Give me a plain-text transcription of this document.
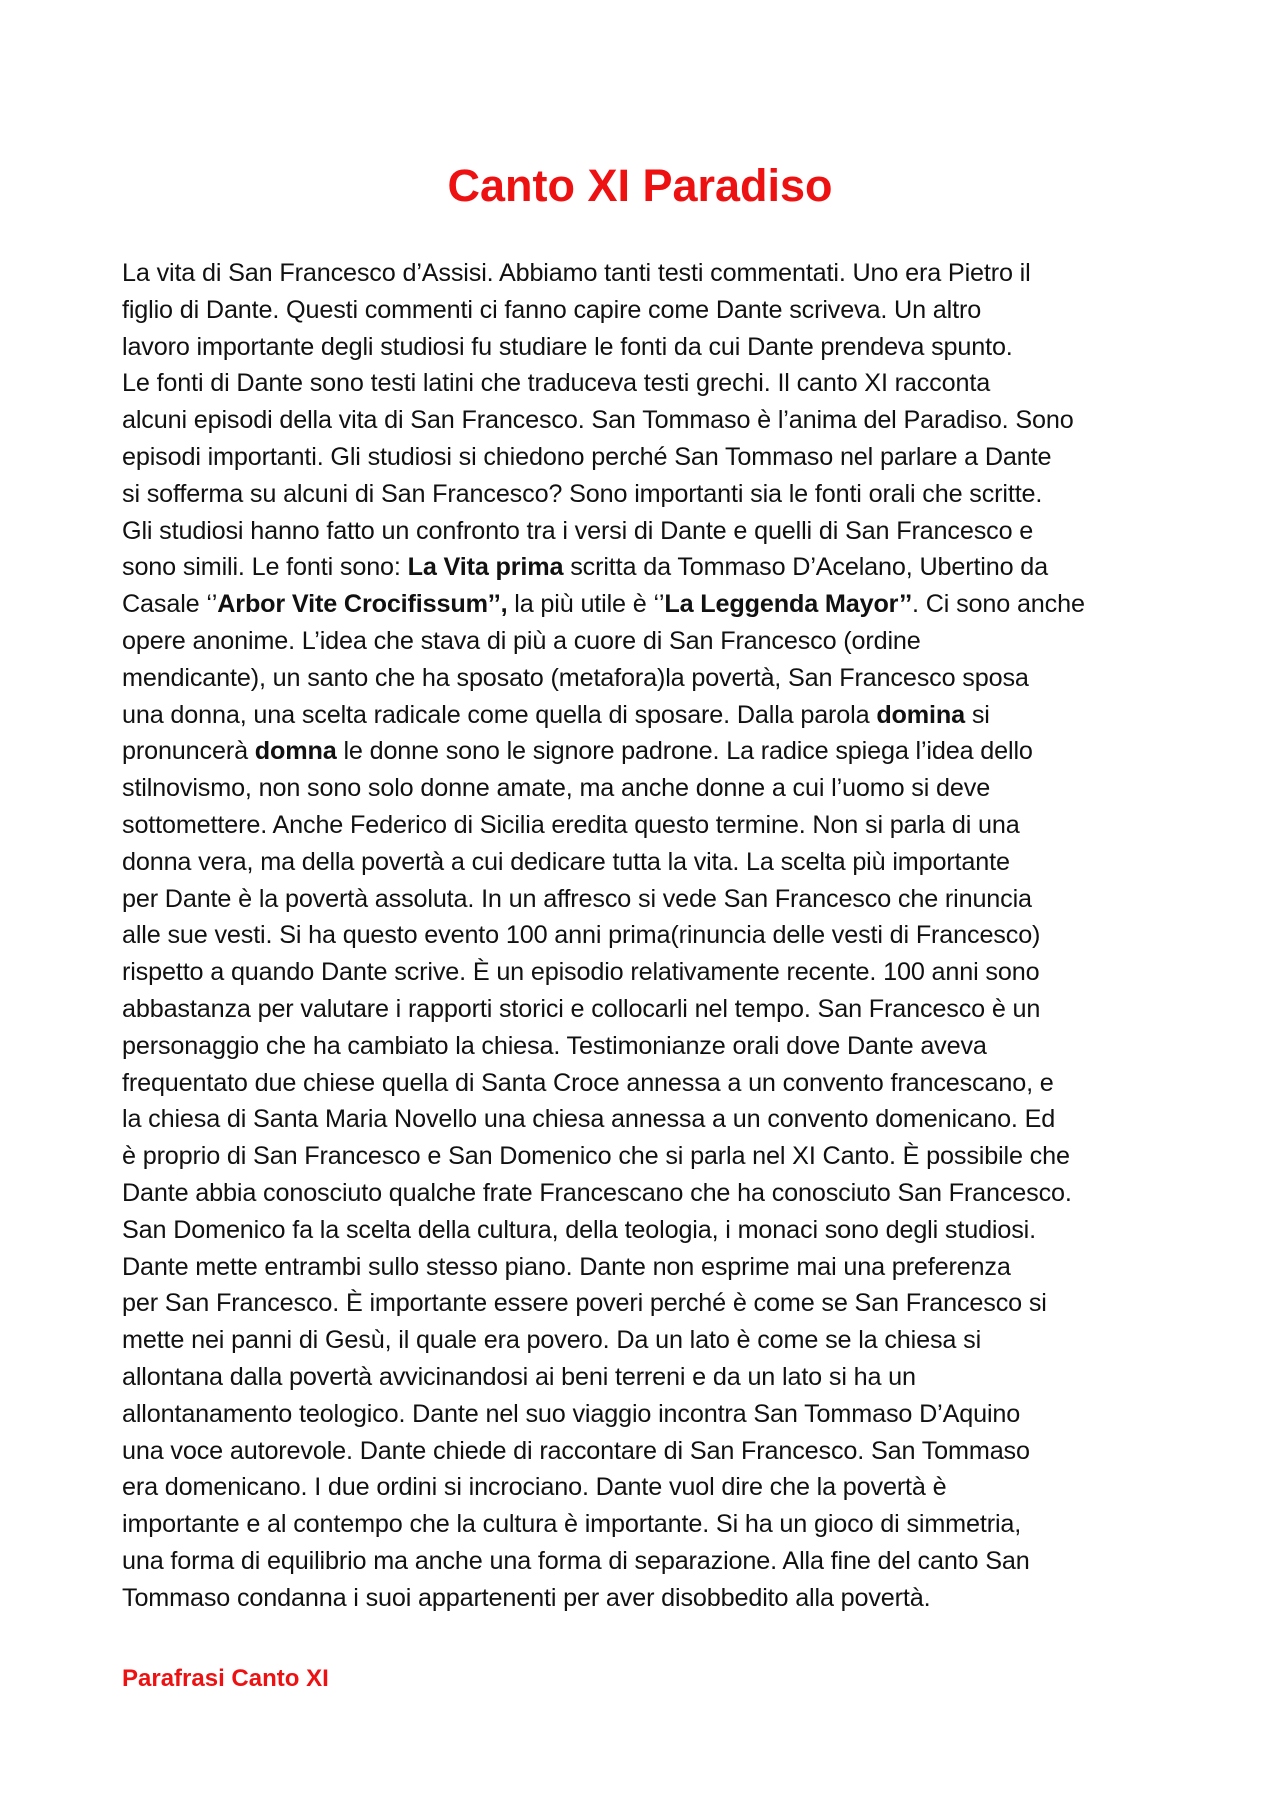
Canto XI Paradiso
La vita di San Francesco d’Assisi. Abbiamo tanti testi commentati. Uno era Pietro il
figlio di Dante. Questi commenti ci fanno capire come Dante scriveva. Un altro
lavoro importante degli studiosi fu studiare le fonti da cui Dante prendeva spunto.
Le fonti di Dante sono testi latini che traduceva testi grechi. Il canto XI racconta
alcuni episodi della vita di San Francesco. San Tommaso è l’anima del Paradiso. Sono
episodi importanti. Gli studiosi si chiedono perché San Tommaso nel parlare a Dante
si sofferma su alcuni di San Francesco? Sono importanti sia le fonti orali che scritte.
Gli studiosi hanno fatto un confronto tra i versi di Dante e quelli di San Francesco e
sono simili. Le fonti sono: La Vita prima scritta da Tommaso D’Acelano, Ubertino da
Casale ‘’Arbor Vite Crocifissum’’, la più utile è ‘’La Leggenda Mayor’’. Ci sono anche
opere anonime. L’idea che stava di più a cuore di San Francesco (ordine
mendicante), un santo che ha sposato (metafora)la povertà, San Francesco sposa
una donna, una scelta radicale come quella di sposare. Dalla parola domina si
pronuncerà domna le donne sono le signore padrone. La radice spiega l’idea dello
stilnovismo, non sono solo donne amate, ma anche donne a cui l’uomo si deve
sottomettere. Anche Federico di Sicilia eredita questo termine. Non si parla di una
donna vera, ma della povertà a cui dedicare tutta la vita. La scelta più importante
per Dante è la povertà assoluta. In un affresco si vede San Francesco che rinuncia
alle sue vesti. Si ha questo evento 100 anni prima(rinuncia delle vesti di Francesco)
rispetto a quando Dante scrive. È un episodio relativamente recente. 100 anni sono
abbastanza per valutare i rapporti storici e collocarli nel tempo. San Francesco è un
personaggio che ha cambiato la chiesa. Testimonianze orali dove Dante aveva
frequentato due chiese quella di Santa Croce annessa a un convento francescano, e
la chiesa di Santa Maria Novello una chiesa annessa a un convento domenicano. Ed
è proprio di San Francesco e San Domenico che si parla nel XI Canto. È possibile che
Dante abbia conosciuto qualche frate Francescano che ha conosciuto San Francesco.
San Domenico fa la scelta della cultura, della teologia, i monaci sono degli studiosi.
Dante mette entrambi sullo stesso piano. Dante non esprime mai una preferenza
per San Francesco. È importante essere poveri perché è come se San Francesco si
mette nei panni di Gesù, il quale era povero. Da un lato è come se la chiesa si
allontana dalla povertà avvicinandosi ai beni terreni e da un lato si ha un
allontanamento teologico. Dante nel suo viaggio incontra San Tommaso D’Aquino
una voce autorevole. Dante chiede di raccontare di San Francesco. San Tommaso
era domenicano. I due ordini si incrociano. Dante vuol dire che la povertà è
importante e al contempo che la cultura è importante. Si ha un gioco di simmetria,
una forma di equilibrio ma anche una forma di separazione. Alla fine del canto San
Tommaso condanna i suoi appartenenti per aver disobbedito alla povertà.
Parafrasi Canto XI
